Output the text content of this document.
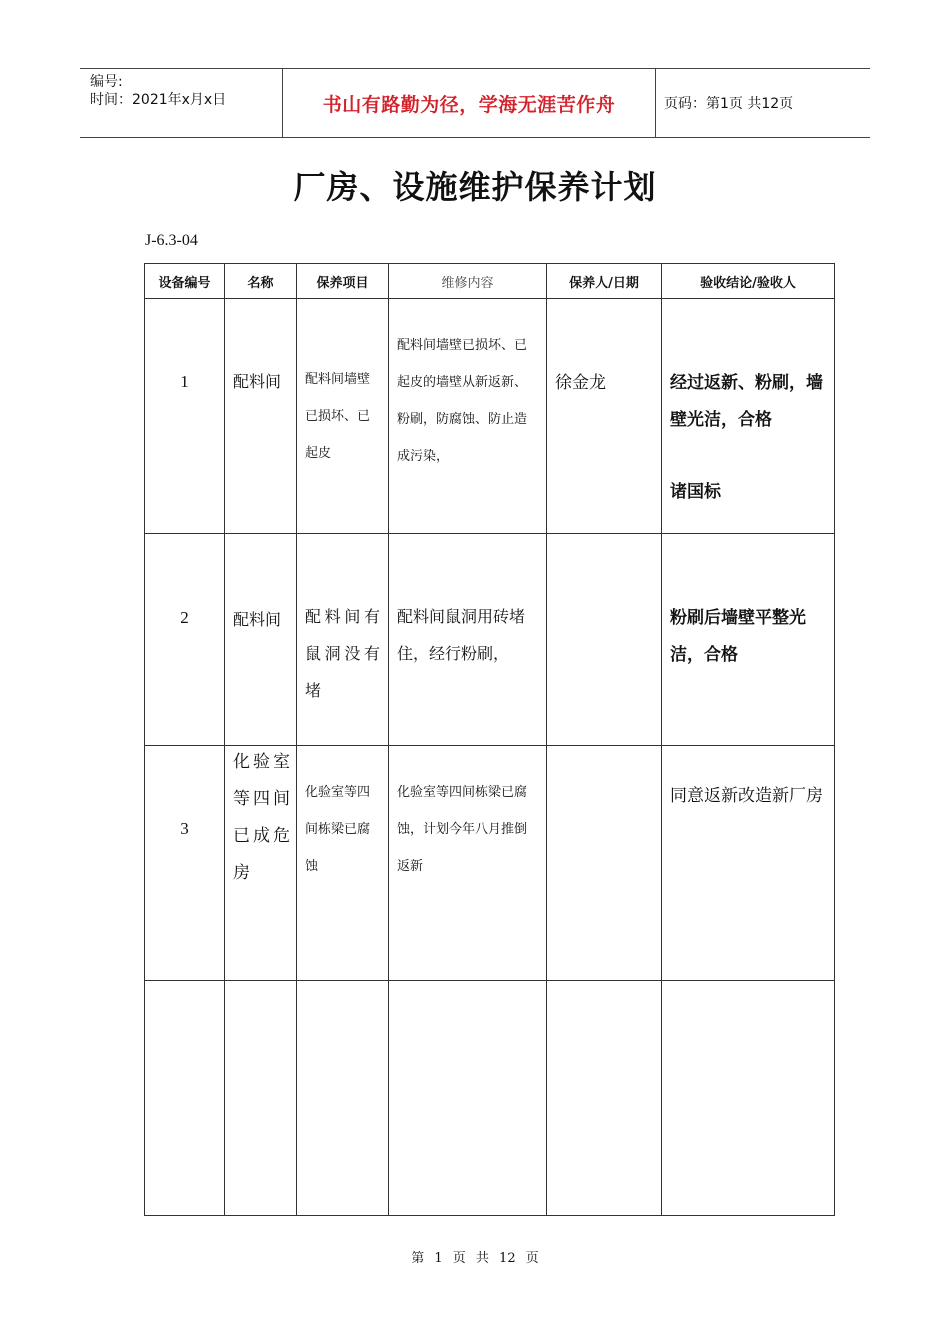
编号:
时间：2021年x月x日	书山有路勤为径，学海无涯苦作舟	页码：第1页 共12页
厂房、设施维护保养计划
J-6.3-04
设备编号	名称	保养项目	维修内容	保养人/日期	验收结论/验收人

1	配料间	配料间墙壁已损坏、已起皮	配料间墙壁已损坏、已起皮的墙壁从新返新、粉刷，防腐蚀、防止造成污染，	徐金龙	经过返新、粉刷，墙壁光洁，合格
诸国标

2	配料间	配料间有鼠洞没有堵	配料间鼠洞用砖堵住，经行粉刷，		粉刷后墙壁平整光洁，合格

3	化验室等四间已成危房	化验室等四间栋梁已腐蚀	化验室等四间栋梁已腐蚀，计划今年八月推倒返新		同意返新改造新厂房

第 1 页 共 12 页
